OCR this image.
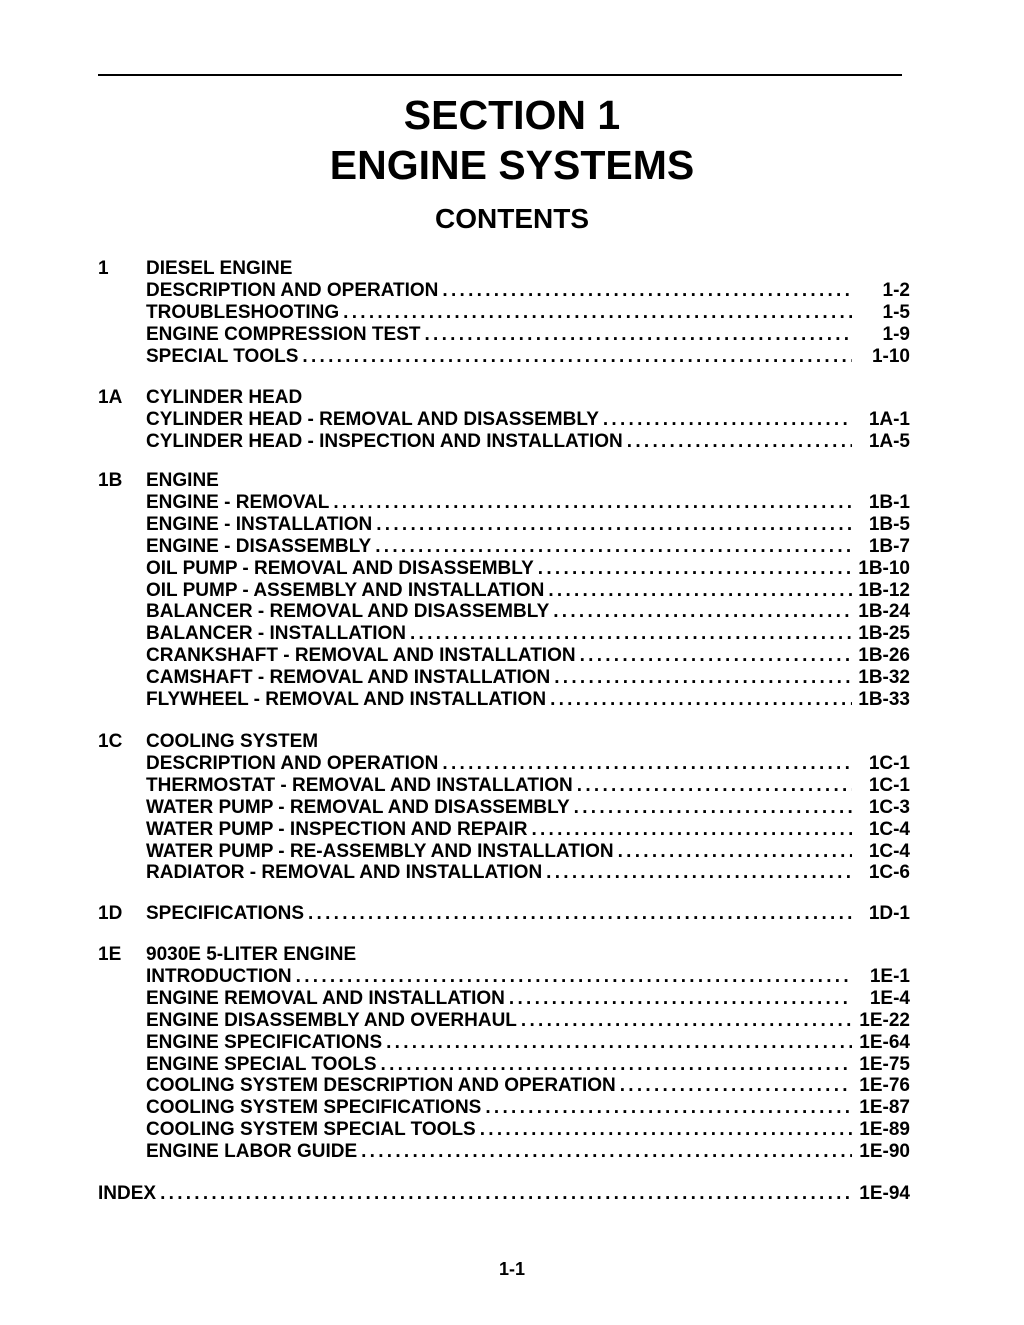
SECTION 1
ENGINE SYSTEMS
CONTENTS
1 DIESEL ENGINE
DESCRIPTION AND OPERATION . . .	1-2
TROUBLESHOOTING . . .	1-5
ENGINE COMPRESSION TEST . . .	1-9
SPECIAL TOOLS . . .	1-10
1A CYLINDER HEAD
CYLINDER HEAD - REMOVAL AND DISASSEMBLY . . .	1A-1
CYLINDER HEAD - INSPECTION AND INSTALLATION . . .	1A-5
1B ENGINE
ENGINE - REMOVAL . . .	1B-1
ENGINE - INSTALLATION . . .	1B-5
ENGINE - DISASSEMBLY . . .	1B-7
OIL PUMP - REMOVAL AND DISASSEMBLY . . .	1B-10
OIL PUMP - ASSEMBLY AND INSTALLATION . . .	1B-12
BALANCER - REMOVAL AND DISASSEMBLY . . .	1B-24
BALANCER - INSTALLATION . . .	1B-25
CRANKSHAFT - REMOVAL AND INSTALLATION . . .	1B-26
CAMSHAFT - REMOVAL AND INSTALLATION . . .	1B-32
FLYWHEEL - REMOVAL AND INSTALLATION . . .	1B-33
1C COOLING SYSTEM
DESCRIPTION AND OPERATION . . .	1C-1
THERMOSTAT - REMOVAL AND INSTALLATION . . .	1C-1
WATER PUMP - REMOVAL AND DISASSEMBLY . . .	1C-3
WATER PUMP - INSPECTION AND REPAIR . . .	1C-4
WATER PUMP - RE-ASSEMBLY AND INSTALLATION . . .	1C-4
RADIATOR - REMOVAL AND INSTALLATION . . .	1C-6
1D SPECIFICATIONS . . .	1D-1
1E 9030E 5-LITER ENGINE
INTRODUCTION . . .	1E-1
ENGINE REMOVAL AND INSTALLATION . . .	1E-4
ENGINE DISASSEMBLY AND OVERHAUL . . .	1E-22
ENGINE SPECIFICATIONS . . .	1E-64
ENGINE SPECIAL TOOLS . . .	1E-75
COOLING SYSTEM DESCRIPTION AND OPERATION . . .	1E-76
COOLING SYSTEM SPECIFICATIONS . . .	1E-87
COOLING SYSTEM SPECIAL TOOLS . . .	1E-89
ENGINE LABOR GUIDE . . .	1E-90
INDEX . . .	1E-94
1-1
